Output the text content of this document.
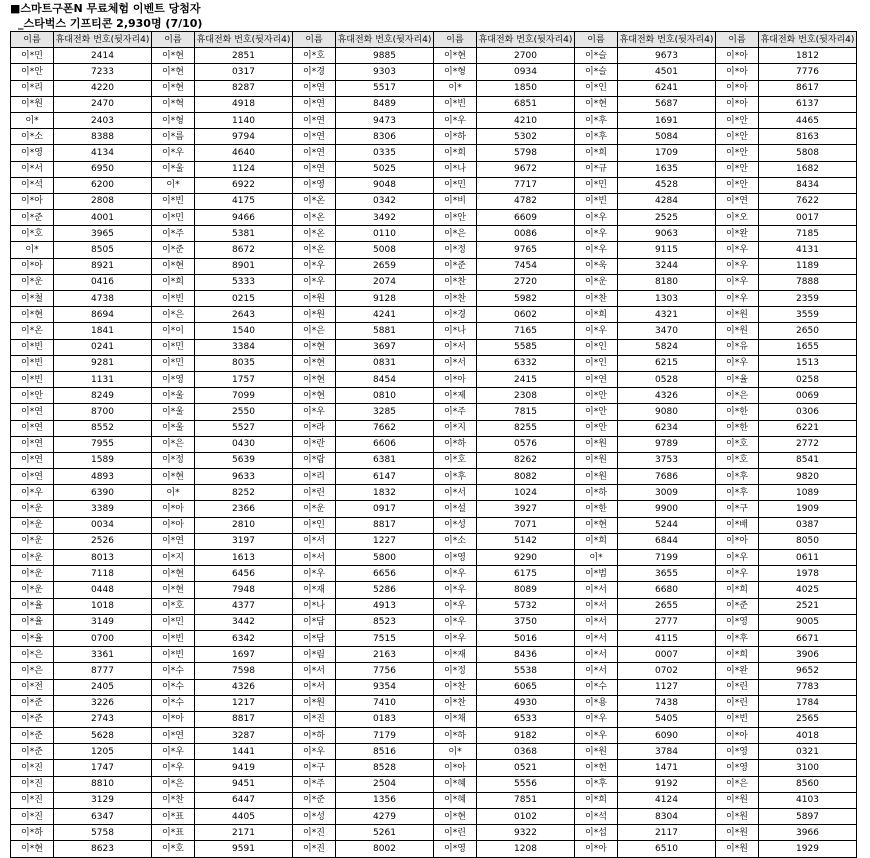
■스마트구폰N 무료체험 이벤트 당첨자
_스타벅스 기프티콘 2,930명 (7/10)
이름	휴대전화 번호(뒷자리4)	이름	휴대전화 번호(뒷자리4)	이름	휴대전화 번호(뒷자리4)	이름	휴대전화 번호(뒷자리4)	이름	휴대전화 번호(뒷자리4)	이름	휴대전화 번호(뒷자리4)
이*민	2414	이*현	2851	이*호	9885	이*현	2700	이*슬	9673	이*아	1812
이*안	7233	이*현	0317	이*경	9303	이*형	0934	이*슬	4501	이*아	7776
이*리	4220	이*현	8287	이*연	5517	이*	1850	이*인	6241	이*아	8617
이*원	2470	이*혁	4918	이*연	8489	이*빈	6851	이*현	5687	이*아	6137
이*	2403	이*형	1140	이*연	9473	이*우	4210	이*후	1691	이*안	4465
이*소	8388	이*름	9794	이*연	8306	이*하	5302	이*후	5084	이*안	8163
이*영	4134	이*우	4640	이*연	0335	이*희	5798	이*희	1709	이*안	5808
이*서	6950	이*울	1124	이*연	5025	이*나	9672	이*규	1635	이*안	1682
이*석	6200	이*	6922	이*영	9048	이*민	7717	이*민	4528	이*안	8434
이*아	2808	이*빈	4175	이*온	0342	이*비	4782	이*빈	4284	이*연	7622
이*준	4001	이*민	9466	이*온	3492	이*안	6609	이*우	2525	이*오	0017
이*호	3965	이*주	5381	이*온	0110	이*은	0086	이*우	9063	이*완	7185
이*	8505	이*준	8672	이*온	5008	이*정	9765	이*우	9115	이*우	4131
이*아	8921	이*현	8901	이*우	2659	이*준	7454	이*욱	3244	이*우	1189
이*운	0416	이*희	5333	이*우	2074	이*찬	2720	이*운	8180	이*우	7888
이*철	4738	이*빈	0215	이*원	9128	이*찬	5982	이*찬	1303	이*우	2359
이*현	8694	이*은	2643	이*원	4241	이*경	0602	이*희	4321	이*원	3559
이*온	1841	이*이	1540	이*은	5881	이*나	7165	이*우	3470	이*원	2650
이*빈	0241	이*민	3384	이*현	3697	이*서	5585	이*인	5824	이*유	1655
이*빈	9281	이*민	8035	이*현	0831	이*서	6332	이*인	6215	이*우	1513
이*빈	1131	이*영	1757	이*현	8454	이*아	2415	이*연	0528	이*율	0258
이*안	8249	이*울	7099	이*현	0810	이*제	2308	이*안	4326	이*은	0069
이*연	8700	이*울	2550	이*우	3285	이*주	7815	이*안	9080	이*한	0306
이*연	8552	이*울	5527	이*라	7662	이*지	8255	이*안	6234	이*한	6221
이*연	7955	이*은	0430	이*란	6606	이*하	0576	이*원	9789	이*호	2772
이*연	1589	이*정	5639	이*람	6381	이*호	8262	이*원	3753	이*호	8541
이*연	4893	이*현	9633	이*리	6147	이*후	8082	이*원	7686	이*후	9820
이*우	6390	이*	8252	이*린	1832	이*서	1024	이*하	3009	이*후	1089
이*운	3389	이*아	2366	이*운	0917	이*설	3927	이*한	9900	이*구	1909
이*운	0034	이*아	2810	이*인	8817	이*성	7071	이*현	5244	이*배	0387
이*운	2526	이*연	3197	이*서	1227	이*소	5142	이*희	6844	이*아	8050
이*운	8013	이*지	1613	이*서	5800	이*영	9290	이*	7199	이*우	0611
이*운	7118	이*현	6456	이*우	6656	이*우	6175	이*범	3655	이*우	1978
이*운	0448	이*현	7948	이*재	5286	이*우	8089	이*서	6680	이*희	4025
이*율	1018	이*호	4377	이*나	4913	이*우	5732	이*서	2655	이*준	2521
이*율	3149	이*민	3442	이*담	8523	이*우	3750	이*서	2777	이*영	9005
이*율	0700	이*빈	6342	이*담	7515	이*우	5016	이*서	4115	이*후	6671
이*은	3361	이*빈	1697	이*림	2163	이*재	8436	이*서	0007	이*희	3906
이*은	8777	이*수	7598	이*서	7756	이*정	5538	이*서	0702	이*완	9652
이*전	2405	이*수	4326	이*서	9354	이*찬	6065	이*수	1127	이*린	7783
이*준	3226	이*수	1217	이*원	7410	이*찬	4930	이*용	7438	이*린	1784
이*준	2743	이*아	8817	이*진	0183	이*채	6533	이*우	5405	이*빈	2565
이*준	5628	이*연	3287	이*하	7179	이*하	9182	이*우	6090	이*아	4018
이*준	1205	이*우	1441	이*우	8516	이*	0368	이*원	3784	이*영	0321
이*진	1747	이*우	9419	이*구	8528	이*아	0521	이*헌	1471	이*영	3100
이*진	8810	이*은	9451	이*주	2504	이*혜	5556	이*후	9192	이*은	8560
이*진	3129	이*찬	6447	이*준	1356	이*혜	7851	이*희	4124	이*원	4103
이*진	6347	이*표	4405	이*성	4279	이*현	0102	이*석	8304	이*원	5897
이*하	5758	이*표	2171	이*진	5261	이*린	9322	이*섭	2117	이*원	3966
이*현	8623	이*호	9591	이*진	8002	이*영	1208	이*아	6510	이*원	1929
